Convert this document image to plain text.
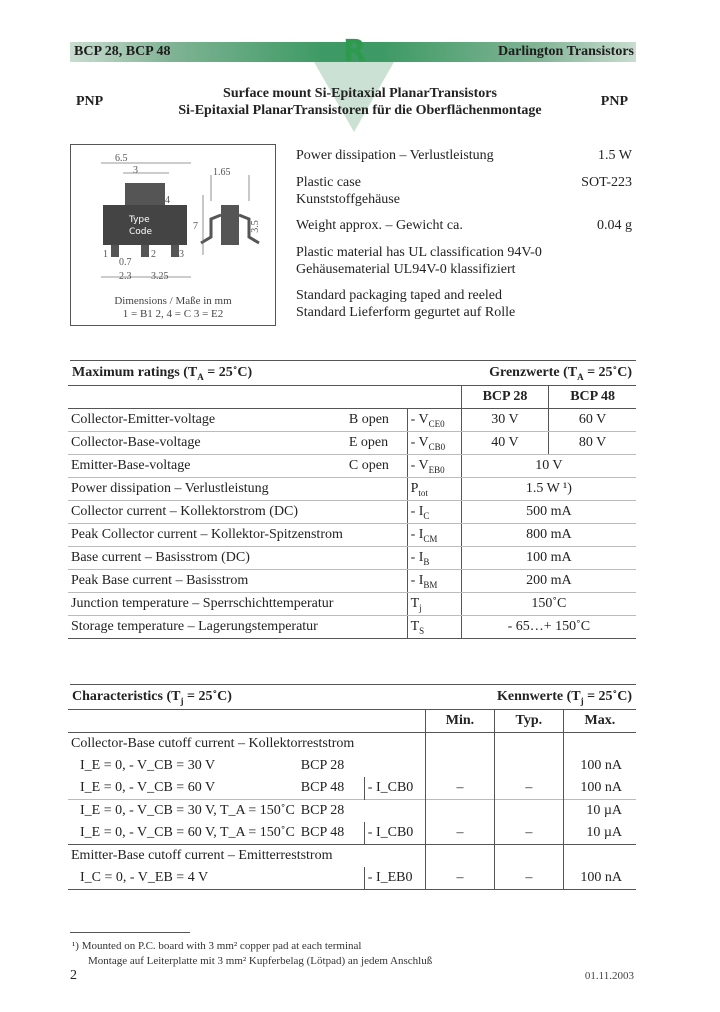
BCP 28, BCP 48	R	Darlington Transistors
Surface mount Si-Epitaxial PlanarTransistors
Si-Epitaxial PlanarTransistoren für die Oberflächenmontage
PNP	PNP
6.5
3	1.65
3.5
7
4
Type
Code
1	2 3
0.7
2.3 3.25
Dimensions / Maße in mm
1 = B1 2, 4 = C 3 = E2
Power dissipation – Verlustleistung	1.5 W
Plastic case	SOT-223
Kunststoffgehäuse
Weight approx. – Gewicht ca.	0.04 g
Plastic material has UL classification 94V-0
Gehäusematerial UL94V-0 klassifiziert
Standard packaging taped and reeled
Standard Lieferform gegurtet auf Rolle
Maximum ratings ($T_A$ = 25˚C)	Grenzwerte ($T_A$ = 25˚C)
			BCP 28	BCP 48
Collector-Emitter-voltage	B open	- $V_{CE0}$	30 V	60 V
Collector-Base-voltage	E open	- $V_{CB0}$	40 V	80 V
Emitter-Base-voltage	C open	- $V_{EB0}$	10 V	
Power dissipation – Verlustleistung		$P_{tot}$	1.5 W ¹)	
Collector current – Kollektorstrom (DC)		- $I_C$	500 mA	
Peak Collector current – Kollektor-Spitzenstrom		- $I_{CM}$	800 mA	
Base current – Basisstrom (DC)		- $I_B$	100 mA	
Peak Base current – Basisstrom		- $I_{BM}$	200 mA	
Junction temperature – Sperrschichttemperatur		$T_j$	150˚C	
Storage temperature – Lagerungstemperatur		$T_S$	- 65…+ 150˚C	
Characteristics ($T_j$ = 25˚C)	Kennwerte ($T_j$ = 25˚C)
			Min.	Typ.	Max.
Collector-Base cutoff current – Kollektorreststrom					
I_E = 0, - V_CB = 30 V	BCP 28				100 nA
I_E = 0, - V_CB = 60 V	BCP 48	- I_CB0	–	–	100 nA
I_E = 0, - V_CB = 30 V, T_A = 150˚C	BCP 28				10 µA
I_E = 0, - V_CB = 60 V, T_A = 150˚C	BCP 48	- I_CB0	–	–	10 µA
Emitter-Base cutoff current – Emitterreststrom					
I_C = 0, - V_EB = 4 V		- I_EB0	–	–	100 nA
¹) Mounted on P.C. board with 3 mm² copper pad at each terminal
Montage auf Leiterplatte mit 3 mm² Kupferbelag (Lötpad) an jedem Anschluß
2	01.11.2003
